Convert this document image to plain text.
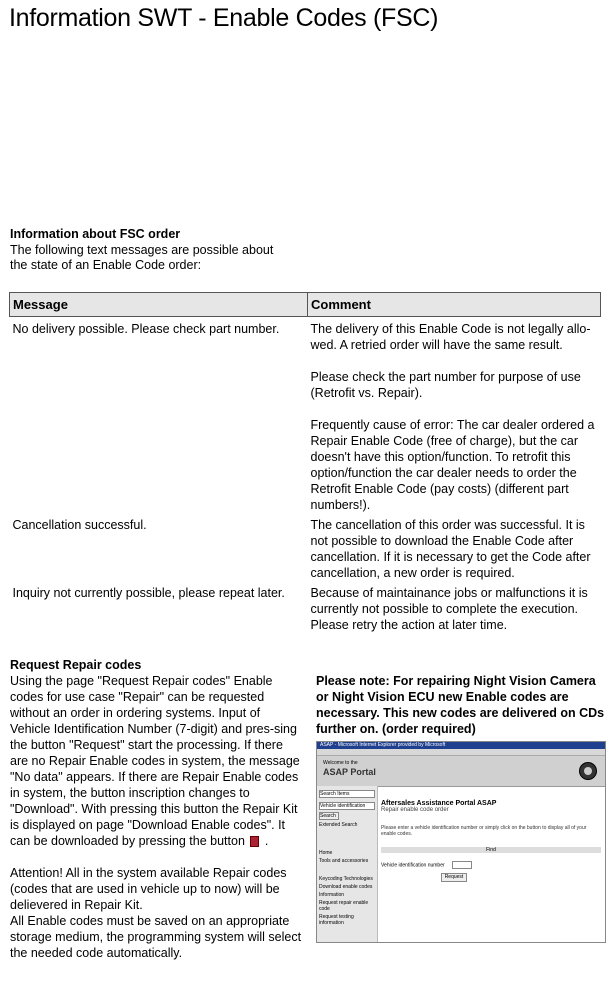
Information SWT - Enable Codes (FSC)
Information about FSC order
The following text messages are possible about
the state of an Enable Code order:
Message	Comment
No delivery possible. Please check part number.	The delivery of this Enable Code is not legally allo-wed. A retried order will have the same result.

Please check the part number for purpose of use (Retrofit vs. Repair).

Frequently cause of error: The car dealer ordered a Repair Enable Code (free of charge), but the car doesn't have this option/function. To retrofit this option/function the car dealer needs to order the Retrofit Enable Code (pay costs) (different part numbers!).

Cancellation successful.	The cancellation of this order was successful. It is not possible to download the Enable Code after cancellation. If it is necessary to get the Code after cancellation, a new order is required.

Inquiry not currently possible, please repeat later.	Because of maintainance jobs or malfunctions it is currently not possible to complete the execution. Please retry the action at later time.

Request Repair codes

Using the page "Request Repair codes" Enable codes for use case "Repair" can be requested without an order in ordering systems. Input of Vehicle Identification Number (7-digit) and pres-sing the button "Request" start the processing. If there are no Repair Enable codes in system, the message "No data" appears. If there are Repair Enable codes in system, the button inscription changes to "Download". With pressing this button the Repair Kit is displayed on page "Download Enable codes". It can be downloaded by pressing the button .

Attention! All in the system available Repair codes (codes that are used in vehicle up to now) will be delievered in Repair Kit.

All Enable codes must be saved on an appropriate storage medium, the programming system will select the needed code automatically.

Please note: For repairing Night Vision Camera or Night Vision ECU new Enable codes are necessary. This new codes are delivered on CDs further on. (order required)
ASAP - Microsoft Internet Explorer provided by Microsoft
Welcome to the
ASAP Portal
Search Items
Vehicle identification
Search
Extended Search
Home
Tools and accessories
Keycoding Technologies
Download enable codes
Information
Request repair enable code
Request testing information
Aftersales Assistance Portal ASAP
Repair enable code order
Please enter a vehicle identification number or simply click on the button to display all of your enable codes.
Find
Vehicle identification number
Request
